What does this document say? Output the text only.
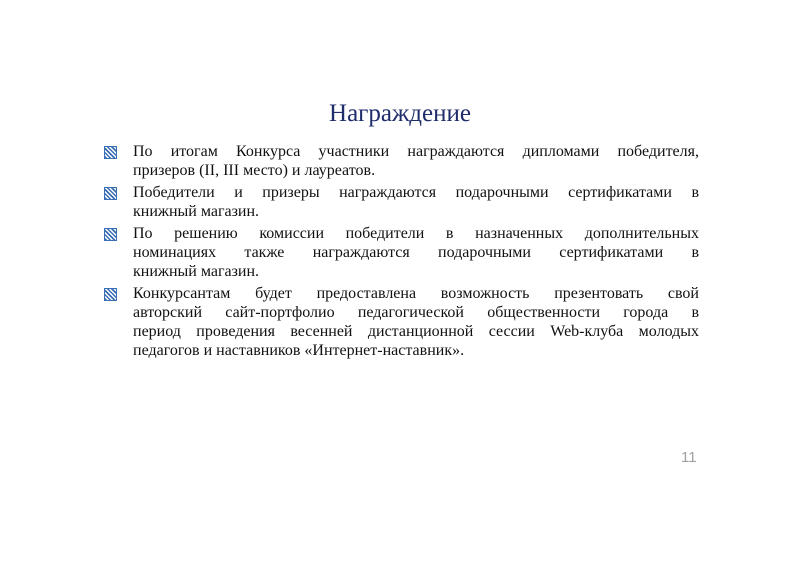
Награждение
По итогам Конкурса участники награждаются дипломами победителя,
призеров (II, III место) и лауреатов.
Победители и призеры награждаются подарочными сертификатами в
книжный магазин.
По решению комиссии победители в назначенных дополнительных
номинациях также награждаются подарочными сертификатами в
книжный магазин.
Конкурсантам будет предоставлена возможность презентовать свой
авторский сайт-портфолио педагогической общественности города в
период проведения весенней дистанционной сессии Web-клуба молодых
педагогов и наставников «Интернет-наставник».
11
